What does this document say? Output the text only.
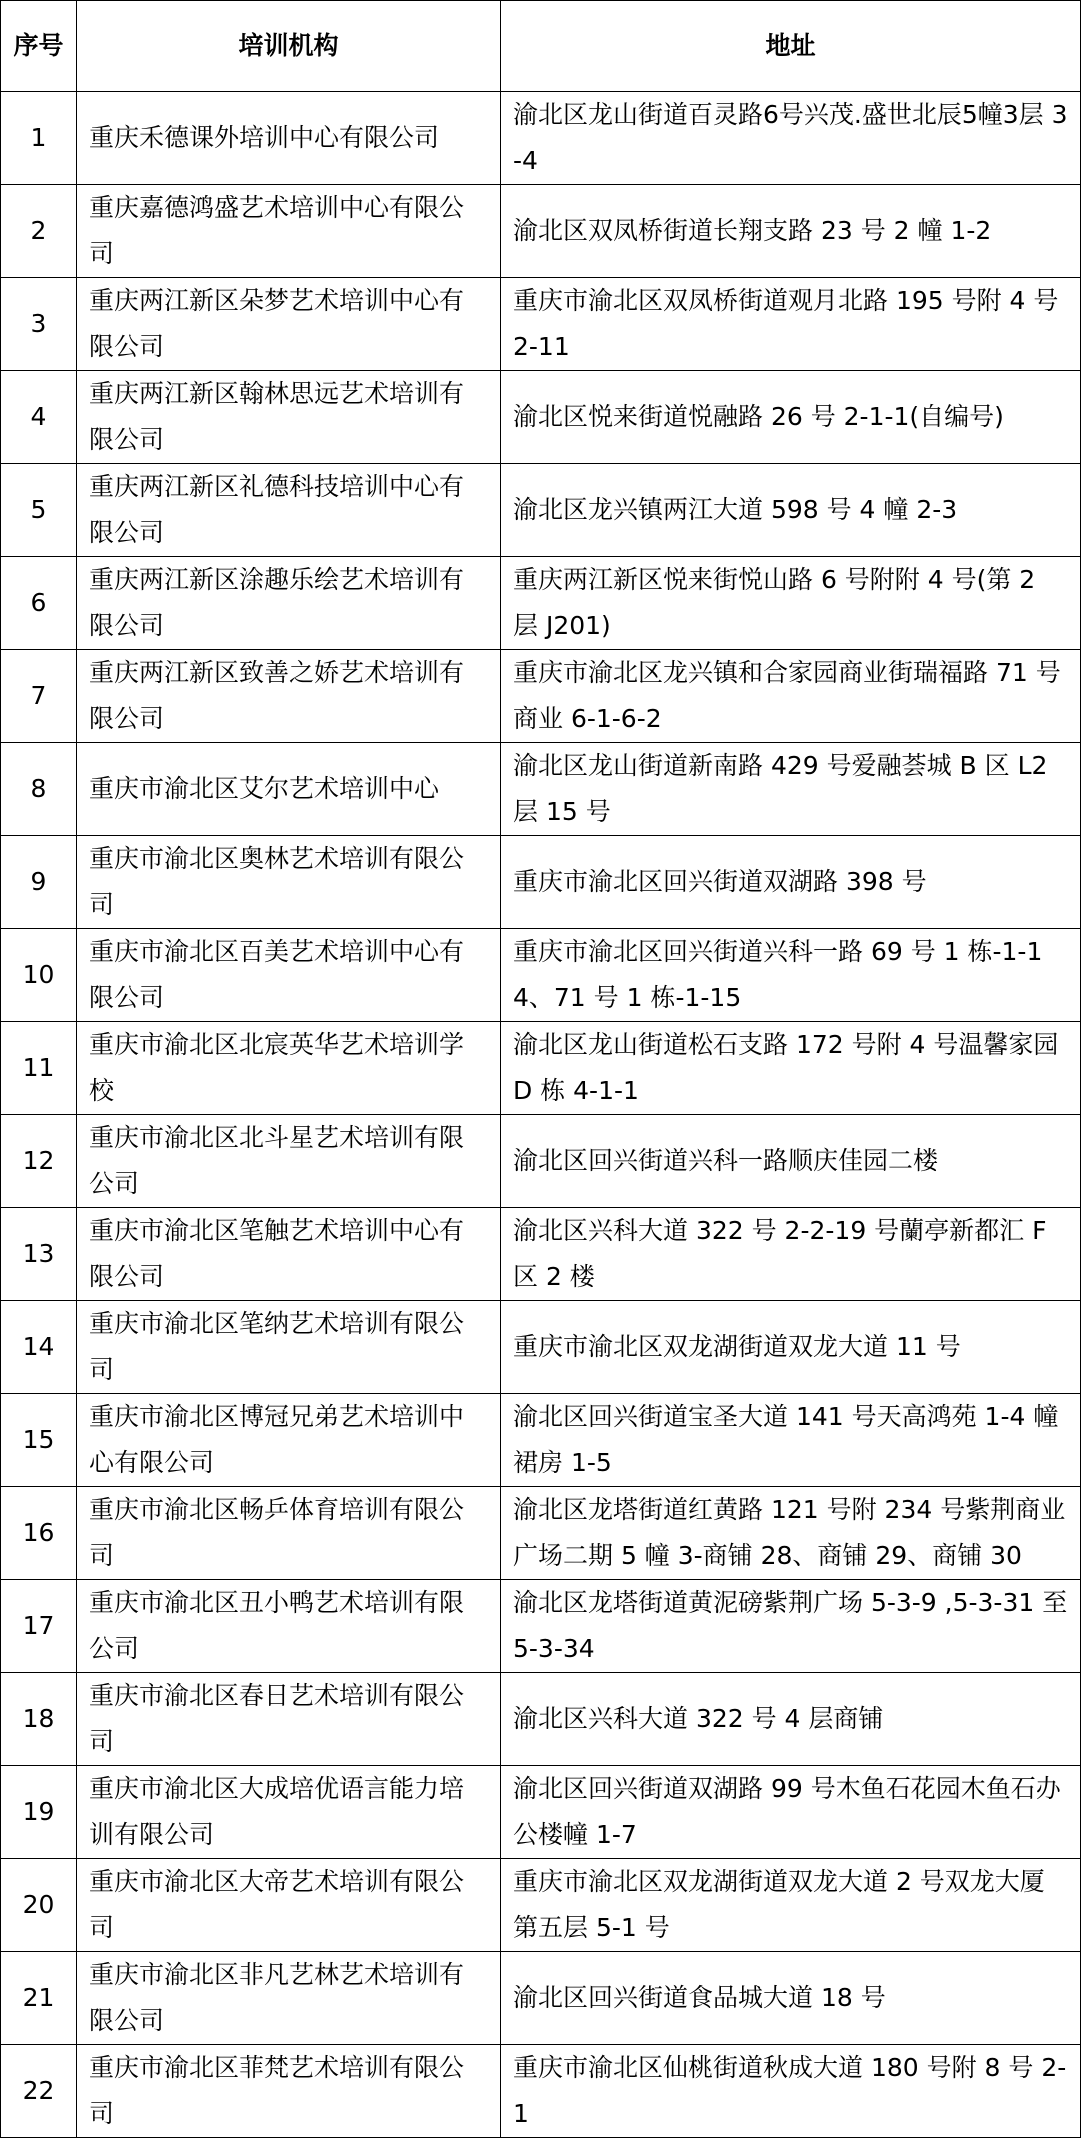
序号	培训机构	地址
1	重庆禾德课外培训中心有限公司	渝北区龙山街道百灵路6号兴茂.盛世北辰5幢3层 3-4
2	重庆嘉德鸿盛艺术培训中心有限公司	渝北区双凤桥街道长翔支路 23 号 2 幢 1-2
3	重庆两江新区朵梦艺术培训中心有限公司	重庆市渝北区双凤桥街道观月北路 195 号附 4 号 2-11
4	重庆两江新区翰林思远艺术培训有限公司	渝北区悦来街道悦融路 26 号 2-1-1(自编号)
5	重庆两江新区礼德科技培训中心有限公司	渝北区龙兴镇两江大道 598 号 4 幢 2-3
6	重庆两江新区涂趣乐绘艺术培训有限公司	重庆两江新区悦来街悦山路 6 号附附 4 号(第 2 层 J201)
7	重庆两江新区致善之娇艺术培训有限公司	重庆市渝北区龙兴镇和合家园商业街瑞福路 71 号商业 6-1-6-2
8	重庆市渝北区艾尔艺术培训中心	渝北区龙山街道新南路 429 号爱融荟城 B 区 L2 层 15 号
9	重庆市渝北区奥林艺术培训有限公司	重庆市渝北区回兴街道双湖路 398 号
10	重庆市渝北区百美艺术培训中心有限公司	重庆市渝北区回兴街道兴科一路 69 号 1 栋-1-14、71 号 1 栋-1-15
11	重庆市渝北区北宸英华艺术培训学校	渝北区龙山街道松石支路 172 号附 4 号温馨家园 D 栋 4-1-1
12	重庆市渝北区北斗星艺术培训有限公司	渝北区回兴街道兴科一路顺庆佳园二楼
13	重庆市渝北区笔触艺术培训中心有限公司	渝北区兴科大道 322 号 2-2-19 号蘭亭新都汇 F 区 2 楼
14	重庆市渝北区笔纳艺术培训有限公司	重庆市渝北区双龙湖街道双龙大道 11 号
15	重庆市渝北区博冠兄弟艺术培训中心有限公司	渝北区回兴街道宝圣大道 141 号天高鸿苑 1-4 幢裙房 1-5
16	重庆市渝北区畅乒体育培训有限公司	渝北区龙塔街道红黄路 121 号附 234 号紫荆商业广场二期 5 幢 3-商铺 28、商铺 29、商铺 30
17	重庆市渝北区丑小鸭艺术培训有限公司	渝北区龙塔街道黄泥磅紫荆广场 5-3-9 ,5-3-31 至 5-3-34
18	重庆市渝北区春日艺术培训有限公司	渝北区兴科大道 322 号 4 层商铺
19	重庆市渝北区大成培优语言能力培训有限公司	渝北区回兴街道双湖路 99 号木鱼石花园木鱼石办公楼幢 1-7
20	重庆市渝北区大帝艺术培训有限公司	重庆市渝北区双龙湖街道双龙大道 2 号双龙大厦第五层 5-1 号
21	重庆市渝北区非凡艺林艺术培训有限公司	渝北区回兴街道食品城大道 18 号
22	重庆市渝北区菲梵艺术培训有限公司	重庆市渝北区仙桃街道秋成大道 180 号附 8 号 2-1
